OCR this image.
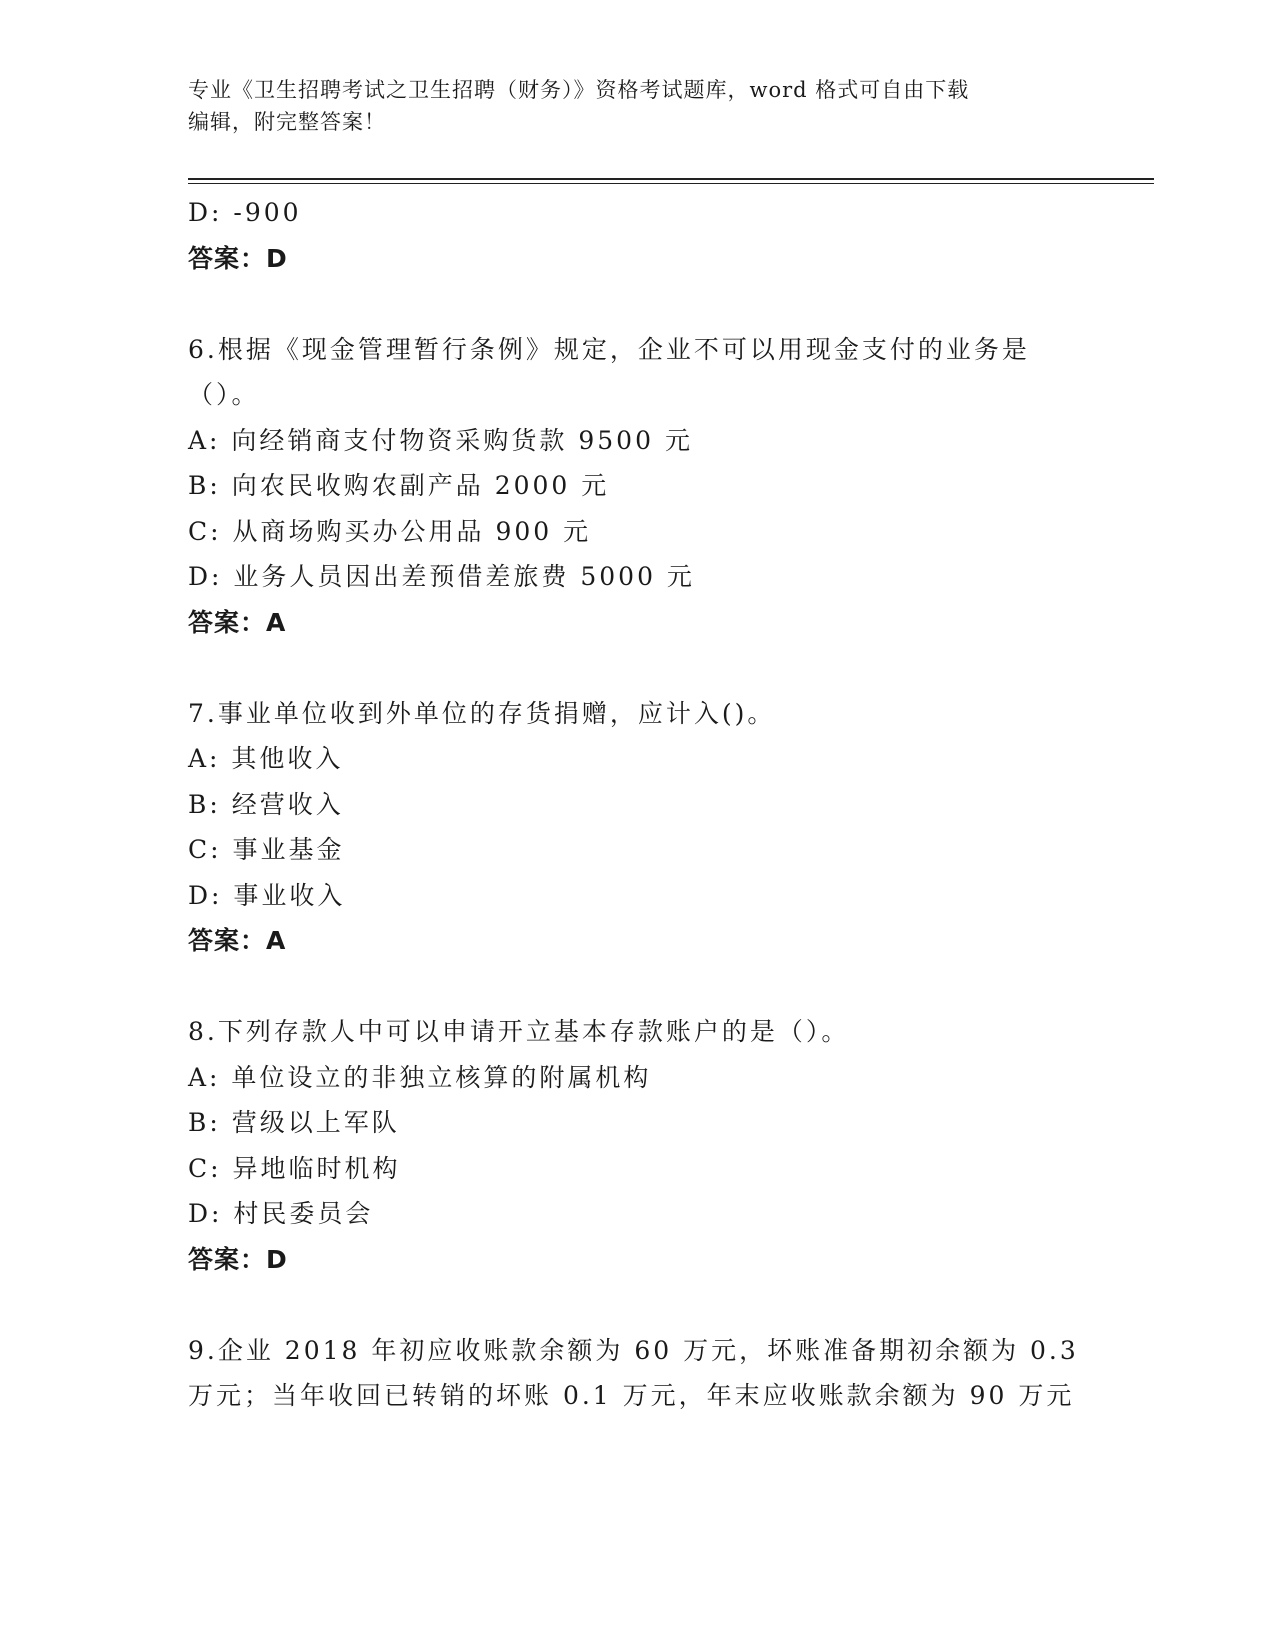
专业《卫生招聘考试之卫生招聘（财务）》资格考试题库，word 格式可自由下载
编辑，附完整答案！
D: -900
答案：D
6.根据《现金管理暂行条例》规定，企业不可以用现金支付的业务是
（）。
A: 向经销商支付物资采购货款 9500 元
B: 向农民收购农副产品 2000 元
C: 从商场购买办公用品 900 元
D: 业务人员因出差预借差旅费 5000 元
答案：A
7.事业单位收到外单位的存货捐赠，应计入()。
A: 其他收入
B: 经营收入
C: 事业基金
D: 事业收入
答案：A
8.下列存款人中可以申请开立基本存款账户的是（）。
A: 单位设立的非独立核算的附属机构
B: 营级以上军队
C: 异地临时机构
D: 村民委员会
答案：D
9.企业 2018 年初应收账款余额为 60 万元，坏账准备期初余额为 0.3
万元；当年收回已转销的坏账 0.1 万元，年末应收账款余额为 90 万元
